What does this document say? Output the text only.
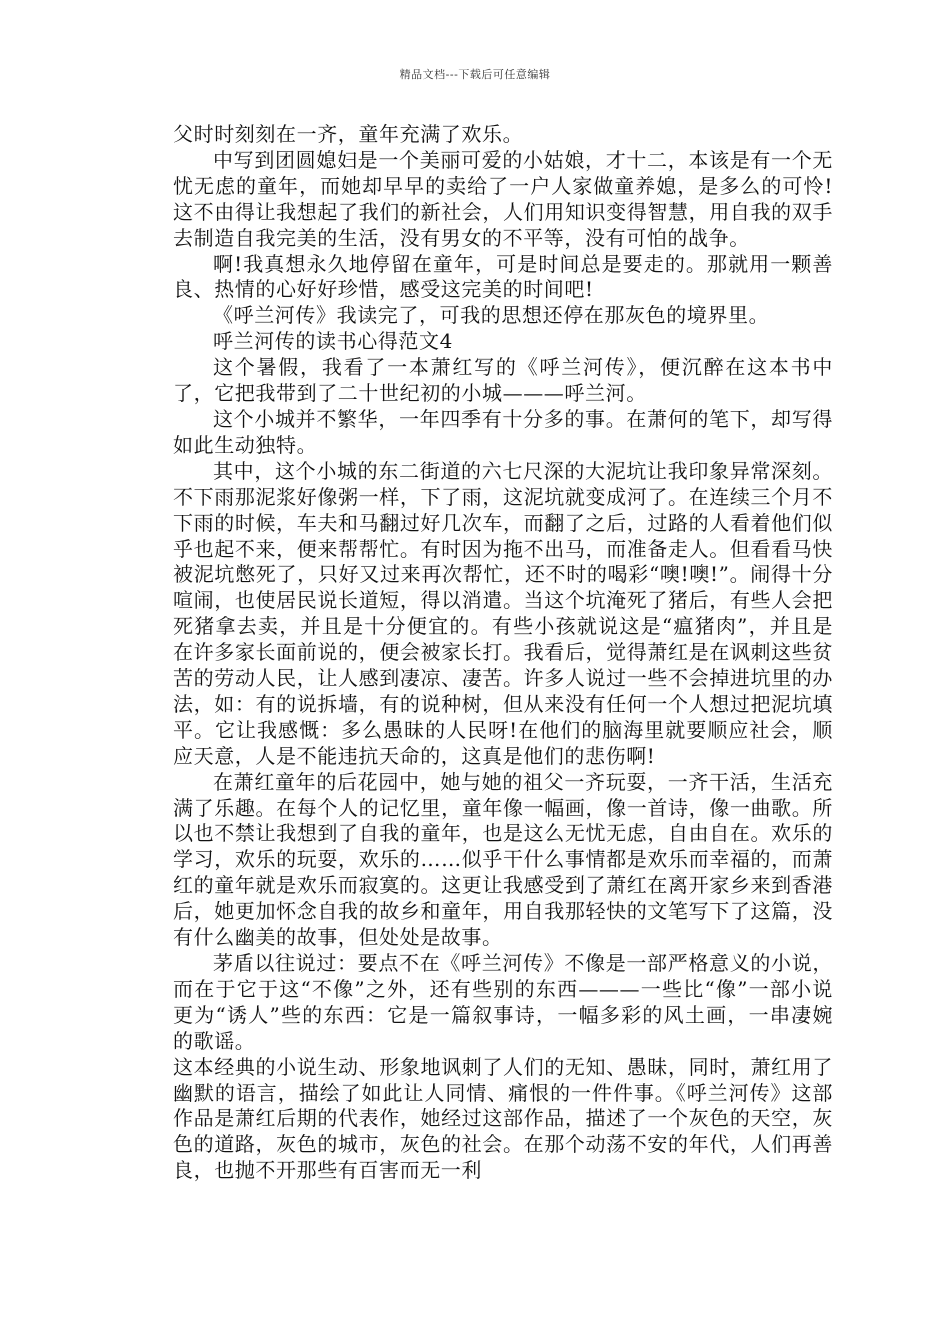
精品文档---下载后可任意编辑

父时时刻刻在一齐，童年充满了欢乐。

中写到团圆媳妇是一个美丽可爱的小姑娘，才十二，本该是有一个无忧无虑的童年，而她却早早的卖给了一户人家做童养媳，是多么的可怜!这不由得让我想起了我们的新社会，人们用知识变得智慧，用自我的双手去制造自我完美的生活，没有男女的不平等，没有可怕的战争。

啊!我真想永久地停留在童年，可是时间总是要走的。那就用一颗善良、热情的心好好珍惜，感受这完美的时间吧!

《呼兰河传》我读完了，可我的思想还停在那灰色的境界里。

呼兰河传的读书心得范文4

这个暑假，我看了一本萧红写的《呼兰河传》，便沉醉在这本书中了，它把我带到了二十世纪初的小城———呼兰河。

这个小城并不繁华，一年四季有十分多的事。在萧何的笔下，却写得如此生动独特。

其中，这个小城的东二街道的六七尺深的大泥坑让我印象异常深刻。不下雨那泥浆好像粥一样，下了雨，这泥坑就变成河了。在连续三个月不下雨的时候，车夫和马翻过好几次车，而翻了之后，过路的人看着他们似乎也起不来，便来帮帮忙。有时因为拖不出马，而准备走人。但看看马快被泥坑憋死了，只好又过来再次帮忙，还不时的喝彩“噢!噢!”。闹得十分喧闹，也使居民说长道短，得以消遣。当这个坑淹死了猪后，有些人会把死猪拿去卖，并且是十分便宜的。有些小孩就说这是“瘟猪肉”，并且是在许多家长面前说的，便会被家长打。我看后，觉得萧红是在讽刺这些贫苦的劳动人民，让人感到凄凉、凄苦。许多人说过一些不会掉进坑里的办法，如：有的说拆墙，有的说种树，但从来没有任何一个人想过把泥坑填平。它让我感慨：多么愚昧的人民呀!在他们的脑海里就要顺应社会，顺应天意，人是不能违抗天命的，这真是他们的悲伤啊!

在萧红童年的后花园中，她与她的祖父一齐玩耍，一齐干活，生活充满了乐趣。在每个人的记忆里，童年像一幅画，像一首诗，像一曲歌。所以也不禁让我想到了自我的童年，也是这么无忧无虑，自由自在。欢乐的学习，欢乐的玩耍，欢乐的……似乎干什么事情都是欢乐而幸福的，而萧红的童年就是欢乐而寂寞的。这更让我感受到了萧红在离开家乡来到香港后，她更加怀念自我的故乡和童年，用自我那轻快的文笔写下了这篇，没有什么幽美的故事，但处处是故事。

茅盾以往说过：要点不在《呼兰河传》不像是一部严格意义的小说，而在于它于这“不像”之外，还有些别的东西———一些比“像”一部小说更为“诱人”些的东西：它是一篇叙事诗，一幅多彩的风土画，一串凄婉的歌谣。

这本经典的小说生动、形象地讽刺了人们的无知、愚昧，同时，萧红用了幽默的语言，描绘了如此让人同情、痛恨的一件件事。《呼兰河传》这部作品是萧红后期的代表作，她经过这部作品，描述了一个灰色的天空，灰色的道路，灰色的城市，灰色的社会。在那个动荡不安的年代，人们再善良，也抛不开那些有百害而无一利
